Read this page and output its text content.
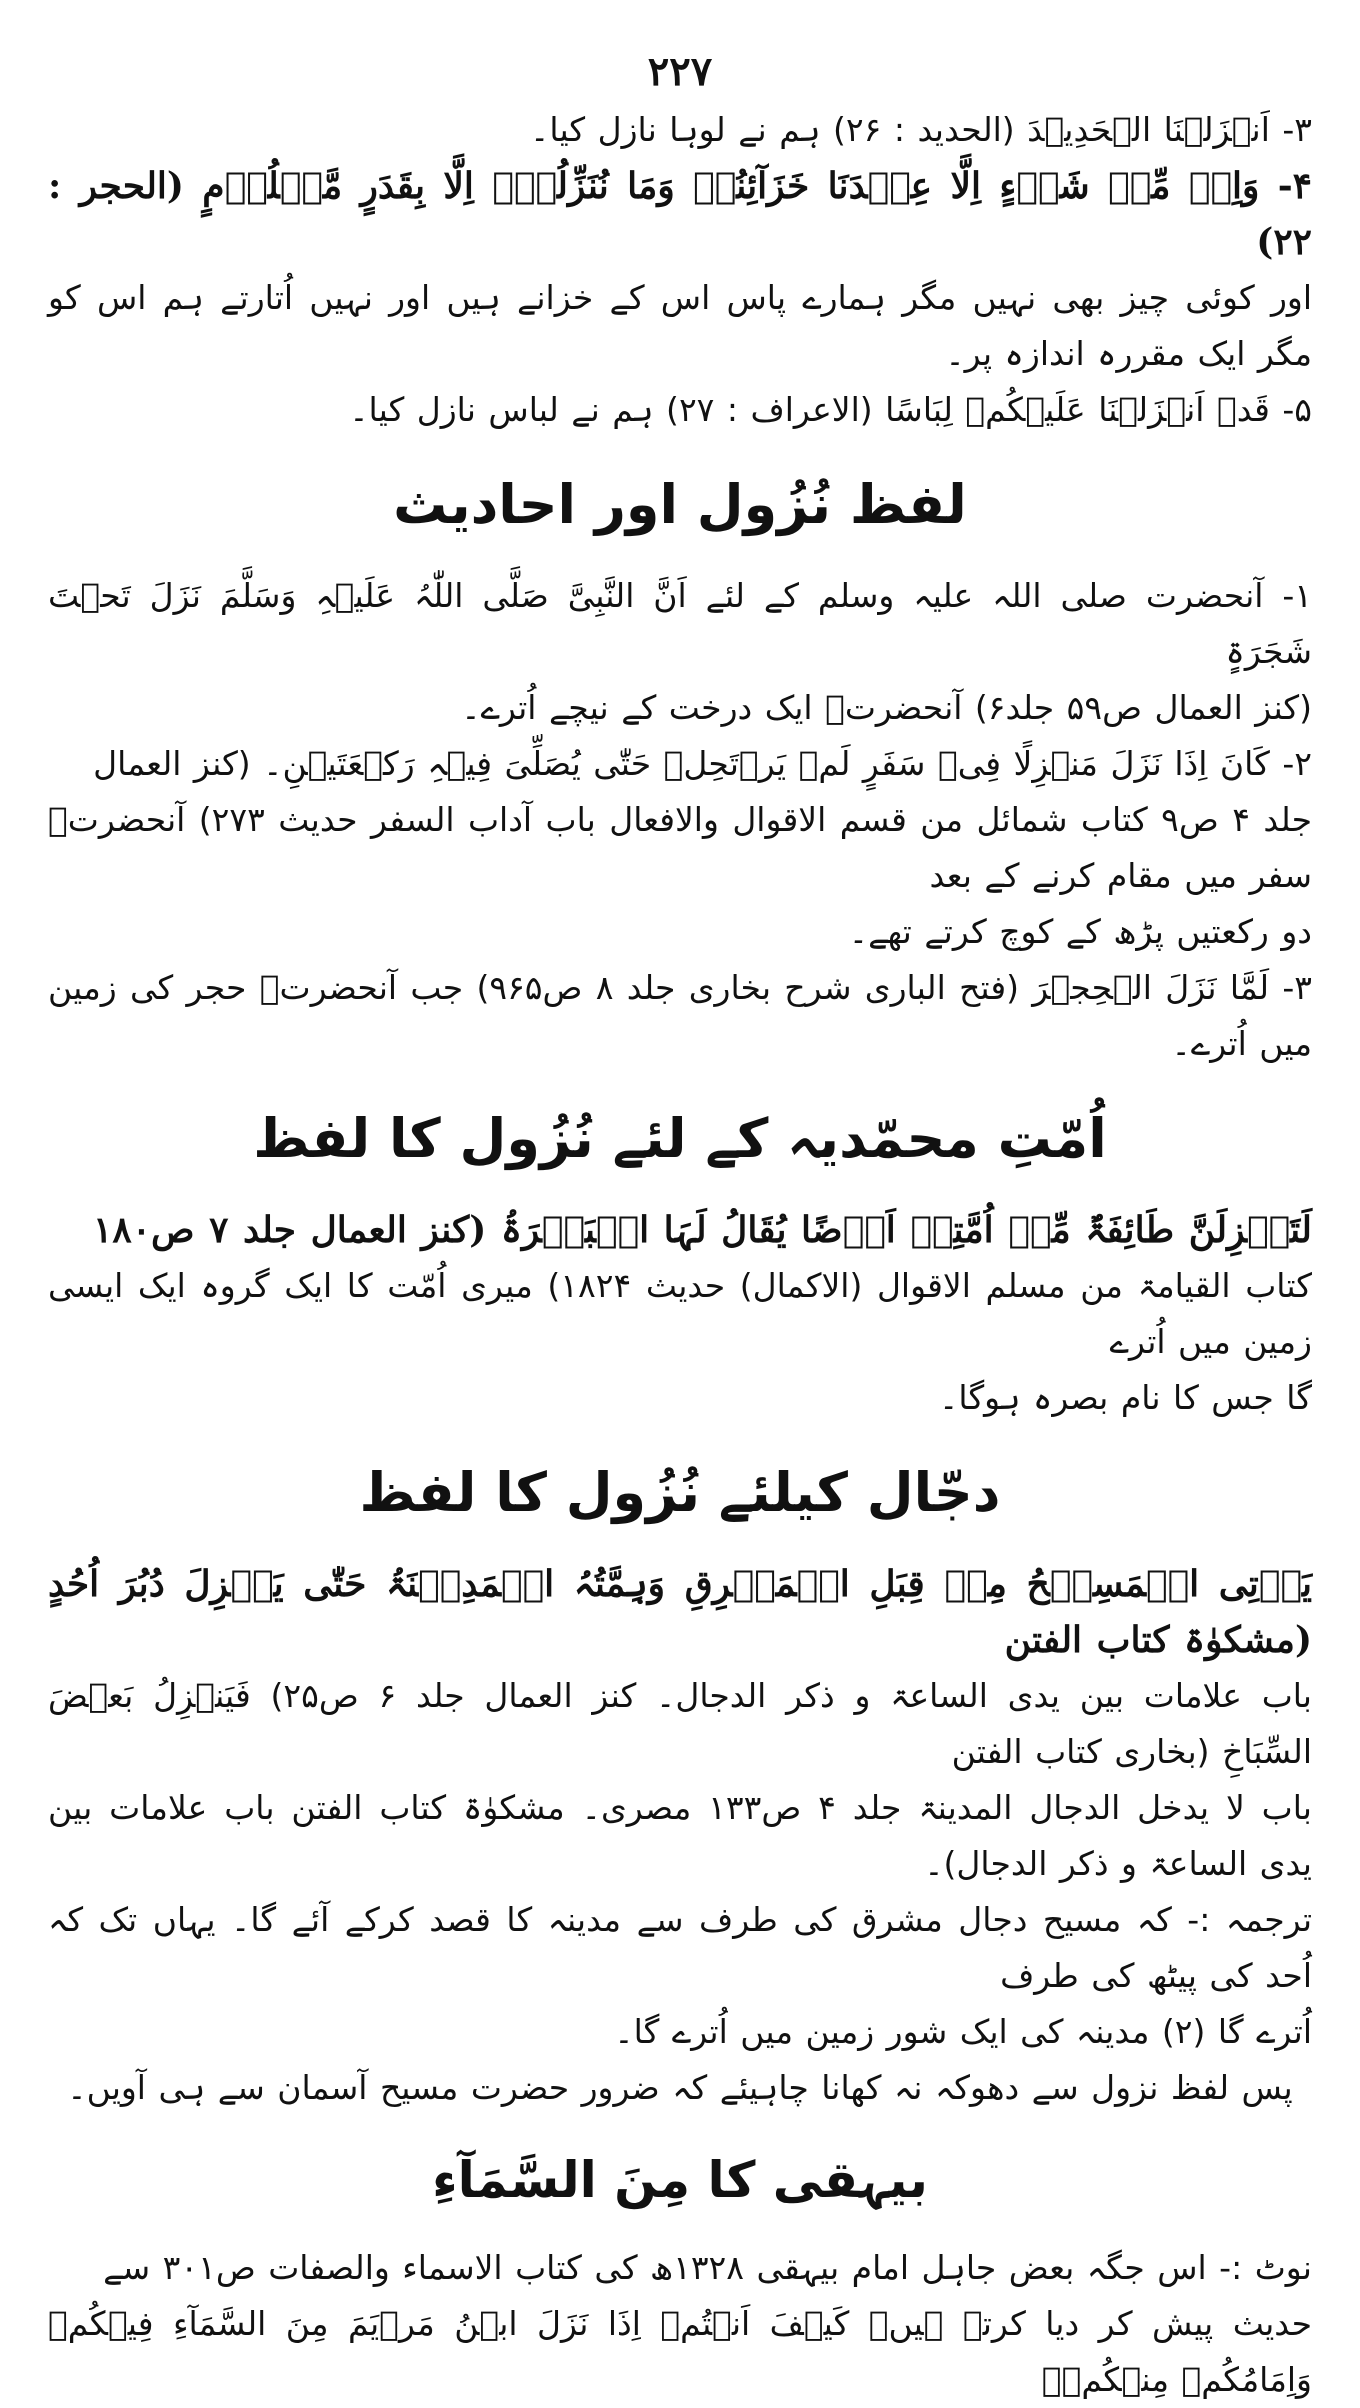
۲۲۷

۳- اَنۡزَلۡنَا الۡحَدِیۡدَ (الحدید : ۲۶) ہم نے لوہا نازل کیا۔

۴- وَاِنۡ مِّنۡ شَیۡءٍ اِلَّا عِنۡدَنَا خَزَآئِنُہٗ وَمَا نُنَزِّلُہٗۤ اِلَّا بِقَدَرٍ مَّعۡلُوۡمٍ (الحجر : ۲۲)

اور کوئی چیز بھی نہیں مگر ہمارے پاس اس کے خزانے ہیں اور نہیں اُتارتے ہم اس کو مگر ایک مقررہ اندازہ پر۔

۵- قَدۡ اَنۡزَلۡنَا عَلَیۡکُمۡ لِبَاسًا (الاعراف : ۲۷) ہم نے لباس نازل کیا۔

لفظ نُزُول اور احادیث

۱- آنحضرت صلی اللہ علیہ وسلم کے لئے اَنَّ النَّبِیَّ صَلَّی اللّٰہُ عَلَیۡہِ وَسَلَّمَ نَزَلَ تَحۡتَ شَجَرَۃٍ

(کنز العمال ص۵۹ جلد۶) آنحضرتؐ ایک درخت کے نیچے اُترے۔

۲- کَانَ اِذَا نَزَلَ مَنۡزِلًا فِیۡ سَفَرٍ لَمۡ یَرۡتَحِلۡ حَتّٰی یُصَلِّیَ فِیۡہِ رَکۡعَتَیۡنِ۔ (کنز العمال

جلد ۴ ص۹ کتاب شمائل من قسم الاقوال والافعال باب آداب السفر حدیث ۲۷۳) آنحضرتؐ سفر میں مقام کرنے کے بعد

دو رکعتیں پڑھ کے کوچ کرتے تھے۔

۳- لَمَّا نَزَلَ الۡحِجۡرَ (فتح الباری شرح بخاری جلد ۸ ص۹۶۵) جب آنحضرتؐ حجر کی زمین میں اُترے۔

اُمّتِ محمّدیہ کے لئے نُزُول کا لفظ

لَتَنۡزِلَنَّ طَائِفَۃٌ مِّنۡ اُمَّتِیۡ اَرۡضًا یُقَالُ لَہَا الۡبَصۡرَۃُ (کنز العمال جلد ۷ ص۱۸۰

کتاب القیامۃ من مسلم الاقوال (الاکمال) حدیث ۱۸۲۴) میری اُمّت کا ایک گروہ ایک ایسی زمین میں اُترے

گا جس کا نام بصرہ ہوگا۔

دجّال کیلئے نُزُول کا لفظ

یَاۡتِی الۡمَسِیۡحُ مِنۡ قِبَلِ الۡمَشۡرِقِ وَہِمَّتُہُ الۡمَدِیۡنَۃُ حَتّٰی یَنۡزِلَ دُبُرَ اُحُدٍ (مشکوٰۃ کتاب الفتن

باب علامات بین یدی الساعۃ و ذکر الدجال۔ کنز العمال جلد ۶ ص۲۵) فَیَنۡزِلُ بَعۡضَ السِّبَاخِ (بخاری کتاب الفتن

باب لا یدخل الدجال المدینۃ جلد ۴ ص۱۳۳ مصری۔ مشکوٰۃ کتاب الفتن باب علامات بین یدی الساعۃ و ذکر الدجال)۔

ترجمہ :- کہ مسیح دجال مشرق کی طرف سے مدینہ کا قصد کرکے آئے گا۔ یہاں تک کہ اُحد کی پیٹھ کی طرف

اُترے گا (۲) مدینہ کی ایک شور زمین میں اُترے گا۔

پس لفظ نزول سے دھوکہ نہ کھانا چاہیئے کہ ضرور حضرت مسیح آسمان سے ہی آویں۔

بیہقی کا مِنَ السَّمَآءِ

نوٹ :- اس جگہ بعض جاہل امام بیہقی ۱۳۲۸ھ کی کتاب الاسماء والصفات ص۳۰۱ سے

حدیث پیش کر دیا کرتے ہیں۔ کَیۡفَ اَنۡتُمۡ اِذَا نَزَلَ ابۡنُ مَرۡیَمَ مِنَ السَّمَآءِ فِیۡکُمۡ وَاِمَامُکُمۡ مِنۡکُمۡ۔
